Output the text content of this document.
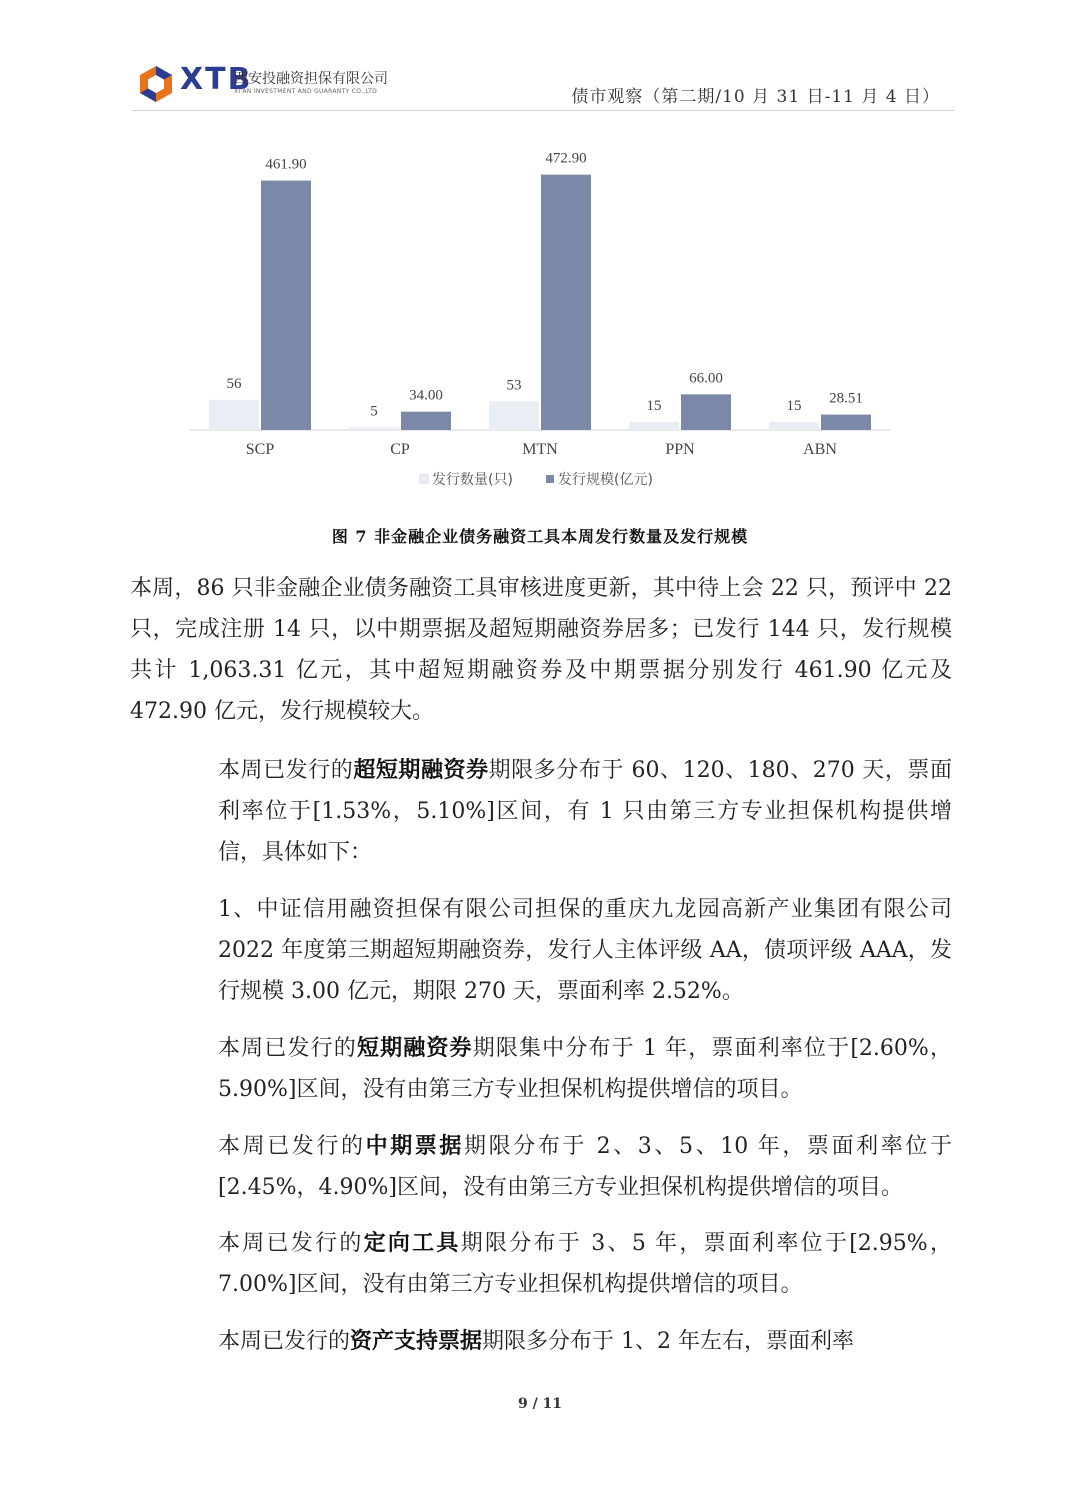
XTB
西安投融资担保有限公司
XI'AN INVESTMENT AND GUARANTY CO.,LTD	债市观察（第二期/10 月 31 日-11 月 4 日）
56
461.90
SCP
5
34.00
CP
53
472.90
MTN
15
66.00
PPN
15 28.51
ABN
发行数量(只)	发行规模(亿元)
图 7 非金融企业债务融资工具本周发行数量及发行规模

本周，86 只非金融企业债务融资工具审核进度更新，其中待上会 22 只，预评中 22 只，完成注册 14 只，以中期票据及超短期融资券居多；已发行 144 只，发行规模共计 1,063.31 亿元，其中超短期融资券及中期票据分别发行 461.90 亿元及 472.90 亿元，发行规模较大。

本周已发行的超短期融资券期限多分布于 60、120、180、270 天，票面利率位于[1.53%，5.10%]区间，有 1 只由第三方专业担保机构提供增信，具体如下：

1、中证信用融资担保有限公司担保的重庆九龙园高新产业集团有限公司 2022 年度第三期超短期融资券，发行人主体评级 AA，债项评级 AAA，发行规模 3.00 亿元，期限 270 天，票面利率 2.52%。

本周已发行的短期融资券期限集中分布于 1 年，票面利率位于[2.60%，5.90%]区间，没有由第三方专业担保机构提供增信的项目。

本周已发行的中期票据期限分布于 2、3、5、10 年，票面利率位于[2.45%，4.90%]区间，没有由第三方专业担保机构提供增信的项目。

本周已发行的定向工具期限分布于 3、5 年，票面利率位于[2.95%，7.00%]区间，没有由第三方专业担保机构提供增信的项目。

本周已发行的资产支持票据期限多分布于 1、2 年左右，票面利率

9 / 11
